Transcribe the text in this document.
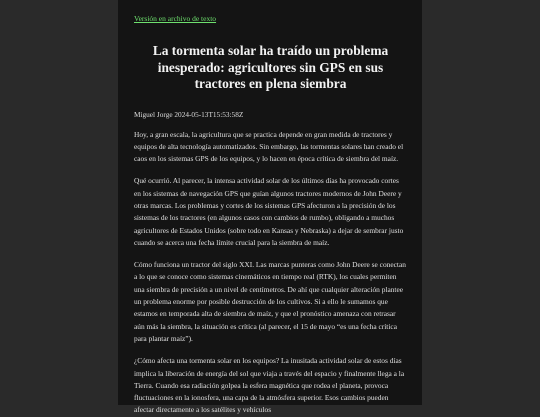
Versión en archivo de texto
La tormenta solar ha traído un problema inesperado: agricultores sin GPS en sus tractores en plena siembra
Miguel Jorge 2024-05-13T15:53:58Z

Hoy, a gran escala, la agricultura que se practica depende en gran medida de tractores y equipos de alta tecnología automatizados. Sin embargo, las tormentas solares han creado el caos en los sistemas GPS de los equipos, y lo hacen en época crítica de siembra del maíz.

Qué ocurrió. Al parecer, la intensa actividad solar de los últimos días ha provocado cortes en los sistemas de navegación GPS que guían algunos tractores modernos de John Deere y otras marcas. Los problemas y cortes de los sistemas GPS afecturon a la precisión de los sistemas de los tractores (en algunos casos con cambios de rumbo), obligando a muchos agricultores de Estados Unidos (sobre todo en Kansas y Nebraska) a dejar de sembrar justo cuando se acerca una fecha límite crucial para la siembra de maíz.

Cómo funciona un tractor del siglo XXI. Las marcas punteras como John Deere se conectan a lo que se conoce como sistemas cinemáticos en tiempo real (RTK), los cuales permiten una siembra de precisión a un nivel de centímetros. De ahí que cualquier alteración plantee un problema enorme por posible destrucción de los cultivos. Si a ello le sumamos que estamos en temporada alta de siembra de maíz, y que el pronóstico amenaza con retrasar aún más la siembra, la situación es crítica (al parecer, el 15 de mayo “es una fecha crítica para plantar maíz”).

¿Cómo afecta una tormenta solar en los equipos? La inusitada actividad solar de estos días implica la liberación de energía del sol que viaja a través del espacio y finalmente llega a la Tierra. Cuando esa radiación golpea la esfera magnética que rodea el planeta, provoca fluctuaciones en la ionosfera, una capa de la atmósfera superior. Esos cambios pueden afectar directamente a los satélites y vehículos
